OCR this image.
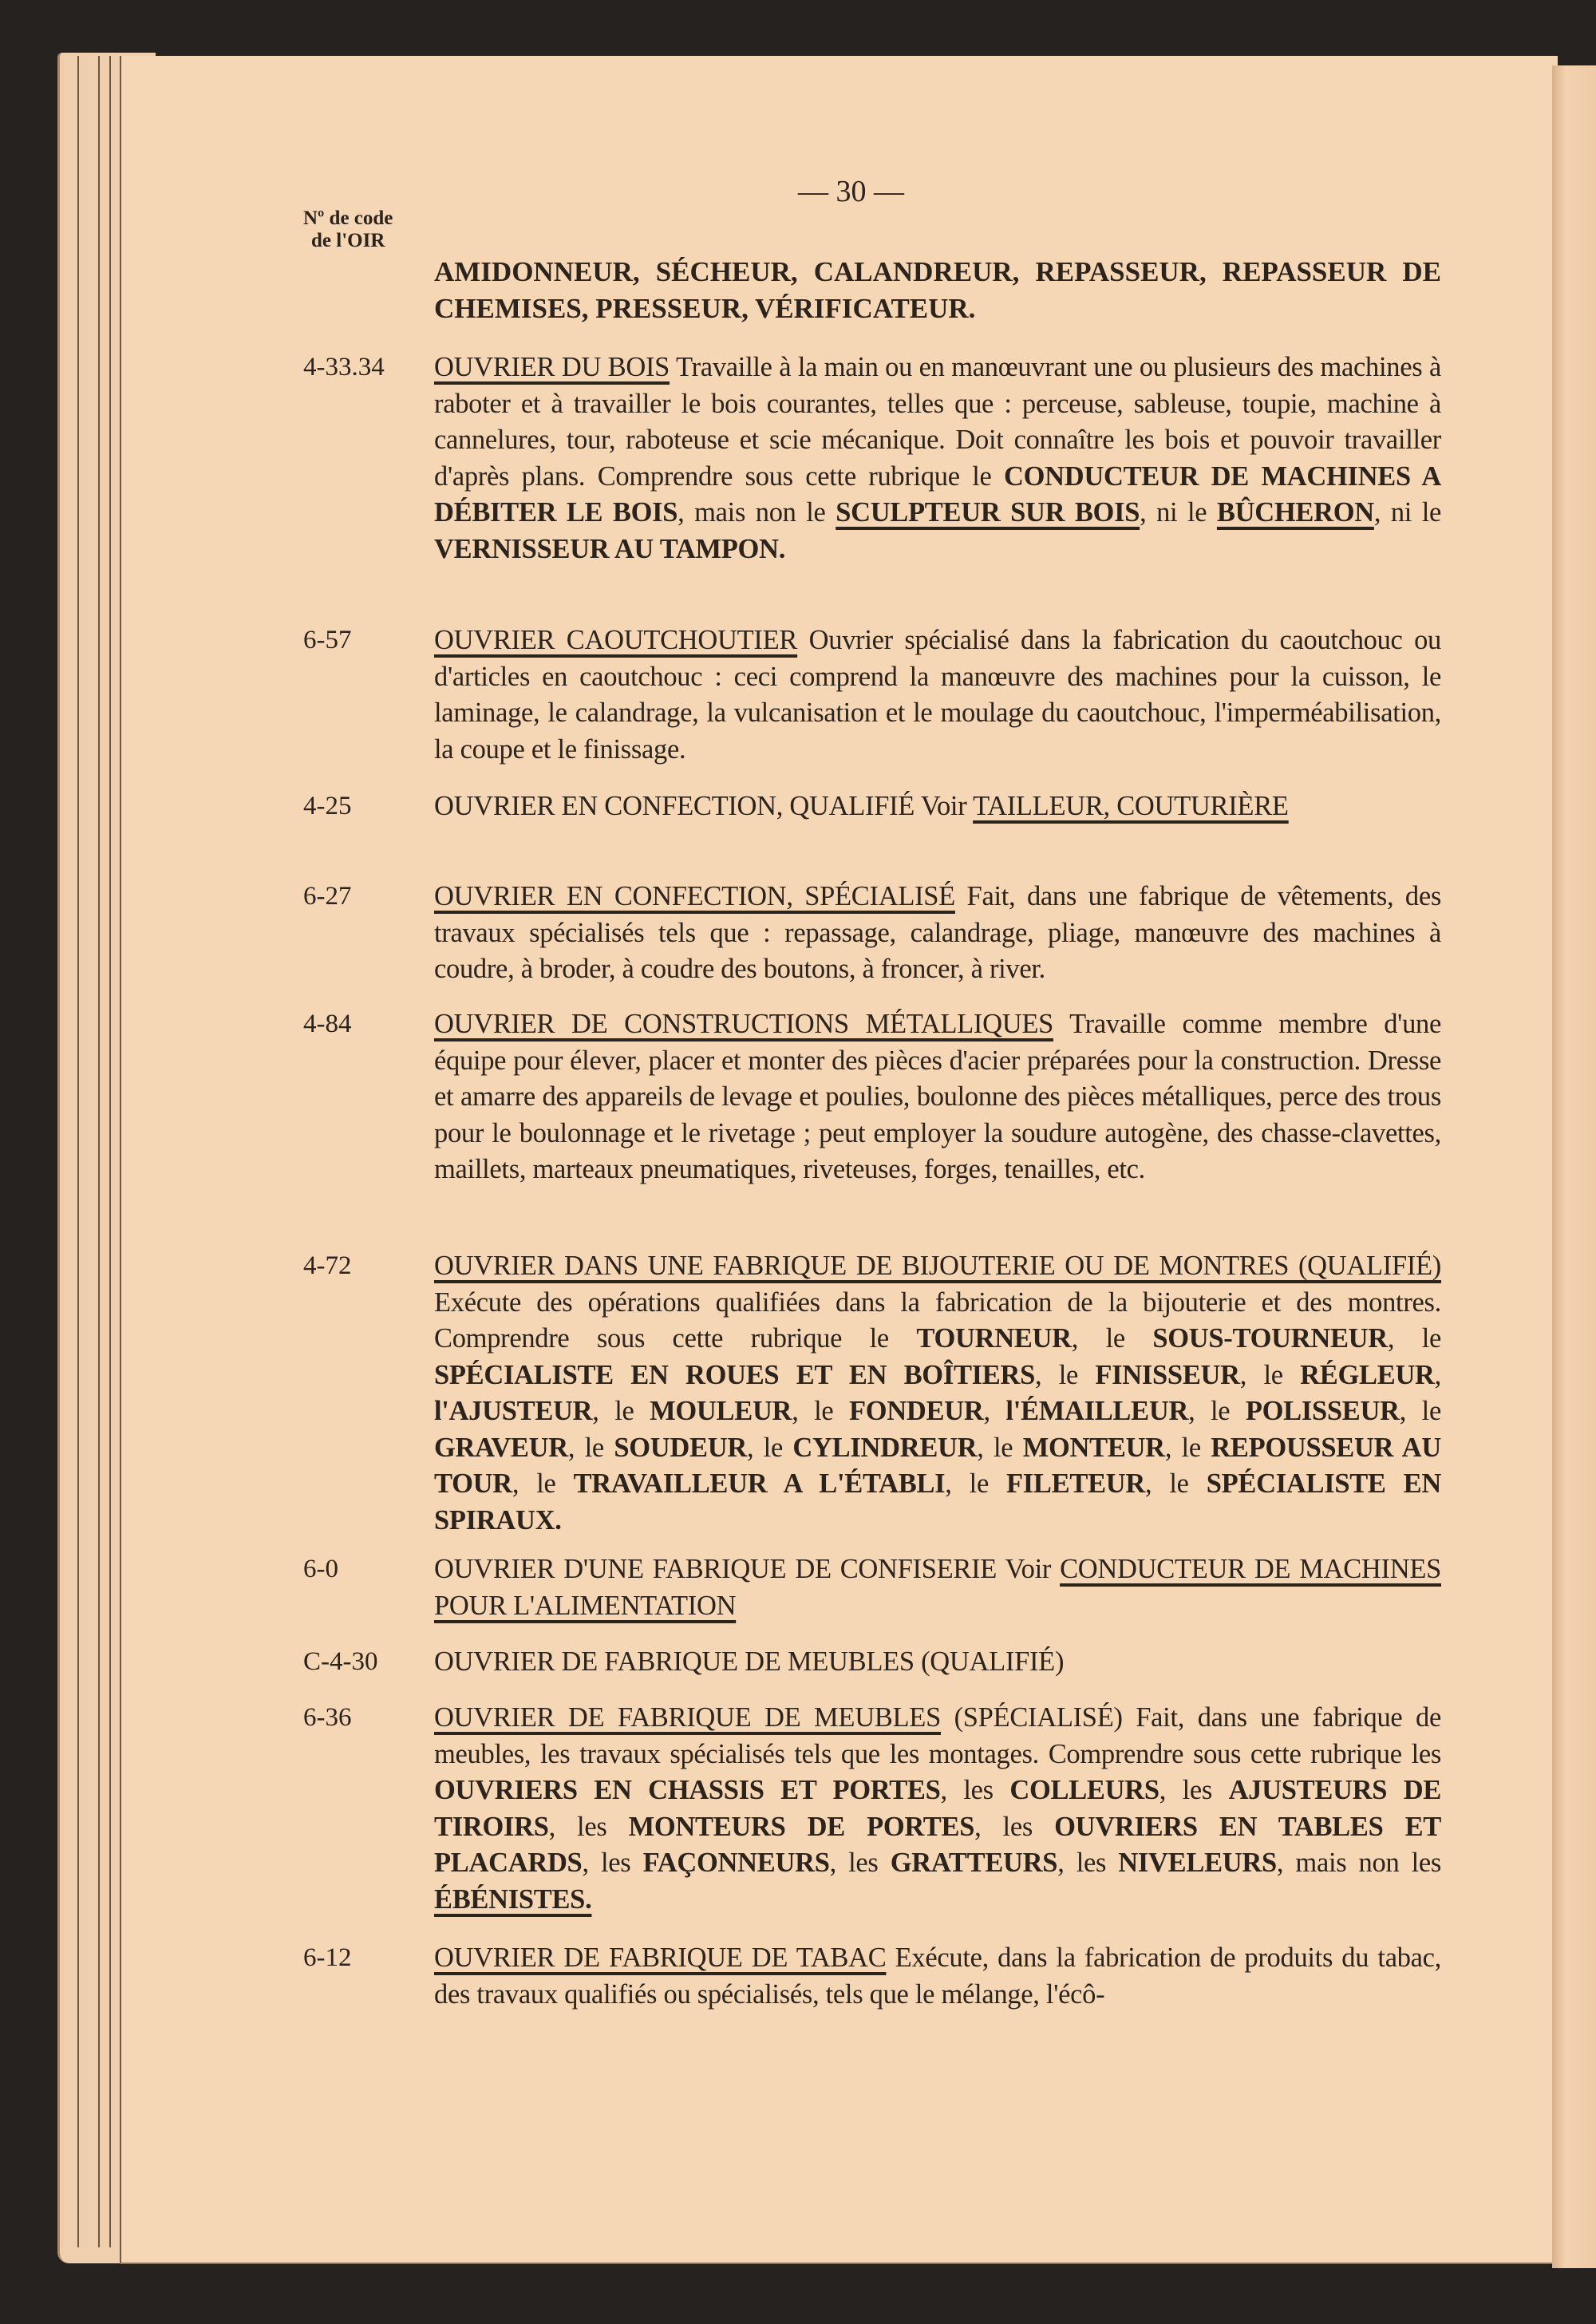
— 30 —
Nº de code
de l'OIR
AMIDONNEUR, SÉCHEUR, CALANDREUR, REPASSEUR, REPASSEUR DE CHEMISES, PRESSEUR, VÉRIFICATEUR.
4-33.34 OUVRIER DU BOIS Travaille à la main ou en manœuvrant une ou plusieurs des machines à raboter et à travailler le bois courantes, telles que : perceuse, sableuse, toupie, machine à cannelures, tour, raboteuse et scie mécanique. Doit connaître les bois et pouvoir travailler d'après plans. Comprendre sous cette rubrique le CONDUCTEUR DE MACHINES A DÉBITER LE BOIS, mais non le SCULPTEUR SUR BOIS, ni le BÛCHERON, ni le VERNISSEUR AU TAMPON.
6-57	OUVRIER CAOUTCHOUTIER Ouvrier spécialisé dans la fabrication du caoutchouc ou d'articles en caoutchouc : ceci comprend la manœuvre des machines pour la cuisson, le laminage, le calandrage, la vulcanisation et le moulage du caoutchouc, l'imperméabilisation, la coupe et le finissage.
4-25	OUVRIER EN CONFECTION, QUALIFIÉ Voir TAILLEUR, COUTURIÈRE
6-27	OUVRIER EN CONFECTION, SPÉCIALISÉ Fait, dans une fabrique de vêtements, des travaux spécialisés tels que : repassage, calandrage, pliage, manœuvre des machines à coudre, à broder, à coudre des boutons, à froncer, à river.
4-84	OUVRIER DE CONSTRUCTIONS MÉTALLIQUES Travaille comme membre d'une équipe pour élever, placer et monter des pièces d'acier préparées pour la construction. Dresse et amarre des appareils de levage et poulies, boulonne des pièces métalliques, perce des trous pour le boulonnage et le rivetage ; peut employer la soudure autogène, des chasse-clavettes, maillets, marteaux pneumatiques, riveteuses, forges, tenailles, etc.
4-72	OUVRIER DANS UNE FABRIQUE DE BIJOUTERIE OU DE MONTRES (QUALIFIÉ) Exécute des opérations qualifiées dans la fabrication de la bijouterie et des montres. Comprendre sous cette rubrique le TOURNEUR, le SOUS-TOURNEUR, le SPÉCIALISTE EN ROUES ET EN BOÎTIERS, le FINISSEUR, le RÉGLEUR, l'AJUSTEUR, le MOULEUR, le FONDEUR, l'ÉMAILLEUR, le POLISSEUR, le GRAVEUR, le SOUDEUR, le CYLINDREUR, le MONTEUR, le REPOUSSEUR AU TOUR, le TRAVAILLEUR A L'ÉTABLI, le FILETEUR, le SPÉCIALISTE EN SPIRAUX.
6-0	OUVRIER D'UNE FABRIQUE DE CONFISERIE Voir CONDUCTEUR DE MACHINES POUR L'ALIMENTATION
C-4-30 OUVRIER DE FABRIQUE DE MEUBLES (QUALIFIÉ)
6-36	OUVRIER DE FABRIQUE DE MEUBLES (SPÉCIALISÉ) Fait, dans une fabrique de meubles, les travaux spécialisés tels que les montages. Comprendre sous cette rubrique les OUVRIERS EN CHASSIS ET PORTES, les COLLEURS, les AJUSTEURS DE TIROIRS, les MONTEURS DE PORTES, les OUVRIERS EN TABLES ET PLACARDS, les FAÇONNEURS, les GRATTEURS, les NIVELEURS, mais non les ÉBÉNISTES.
6-12	OUVRIER DE FABRIQUE DE TABAC Exécute, dans la fabrication de produits du tabac, des travaux qualifiés ou spécialisés, tels que le mélange, l'écô-
